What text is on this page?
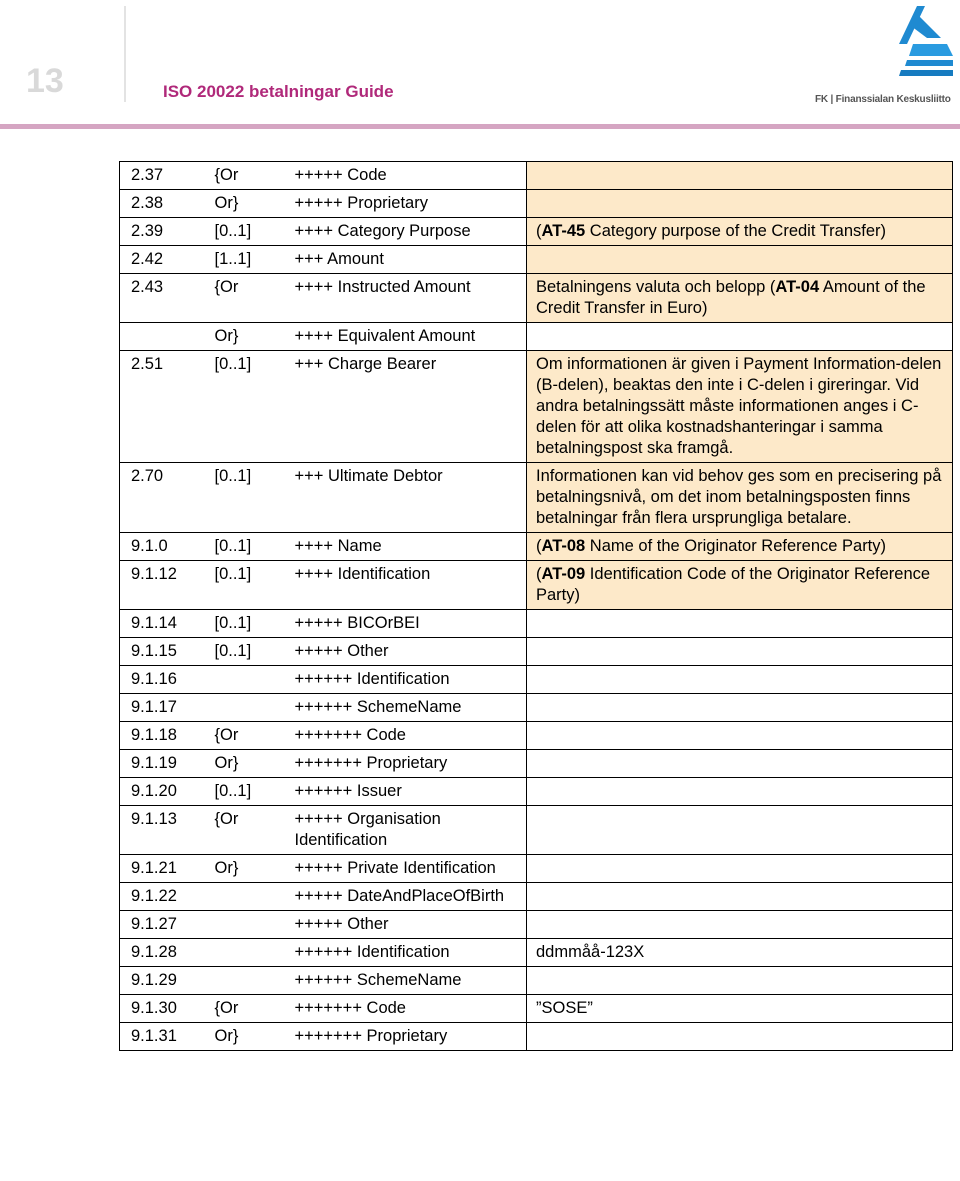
13	ISO 20022 betalningar Guide	FK | Finanssialan Keskusliitto
2.37	{Or	+++++ Code	
2.38	Or}	+++++ Proprietary	
2.39	[0..1]	++++ Category Purpose	(AT-45 Category purpose of the Credit Transfer)
2.42	[1..1]	+++ Amount	
2.43	{Or	++++ Instructed Amount	Betalningens valuta och belopp (AT-04 Amount of the Credit Transfer in Euro)
	Or}	++++ Equivalent Amount	
2.51	[0..1]	+++ Charge Bearer	Om informationen är given i Payment Information-delen (B-delen), beaktas den inte i C-delen i gireringar. Vid andra betalningssätt måste informationen anges i C-delen för att olika kostnadshanteringar i samma betalningspost ska framgå.
2.70	[0..1]	+++ Ultimate Debtor	Informationen kan vid behov ges som en precisering på betalningsnivå, om det inom betalningsposten finns betalningar från flera ursprungliga betalare.
9.1.0	[0..1]	++++ Name	(AT-08 Name of the Originator Reference Party)
9.1.12	[0..1]	++++ Identification	(AT-09 Identification Code of the Originator Reference Party)
9.1.14	[0..1]	+++++ BICOrBEI	
9.1.15	[0..1]	+++++ Other	
9.1.16		++++++ Identification	
9.1.17		++++++ SchemeName	
9.1.18	{Or	+++++++ Code	
9.1.19	Or}	+++++++ Proprietary	
9.1.20	[0..1]	++++++ Issuer	
9.1.13	{Or	+++++ Organisation Identification	
9.1.21	Or}	+++++ Private Identification	
9.1.22		+++++ DateAndPlaceOfBirth	
9.1.27		+++++ Other	
9.1.28		++++++ Identification	ddmmåå-123X
9.1.29		++++++ SchemeName	
9.1.30	{Or	+++++++ Code	”SOSE”
9.1.31	Or}	+++++++ Proprietary	
